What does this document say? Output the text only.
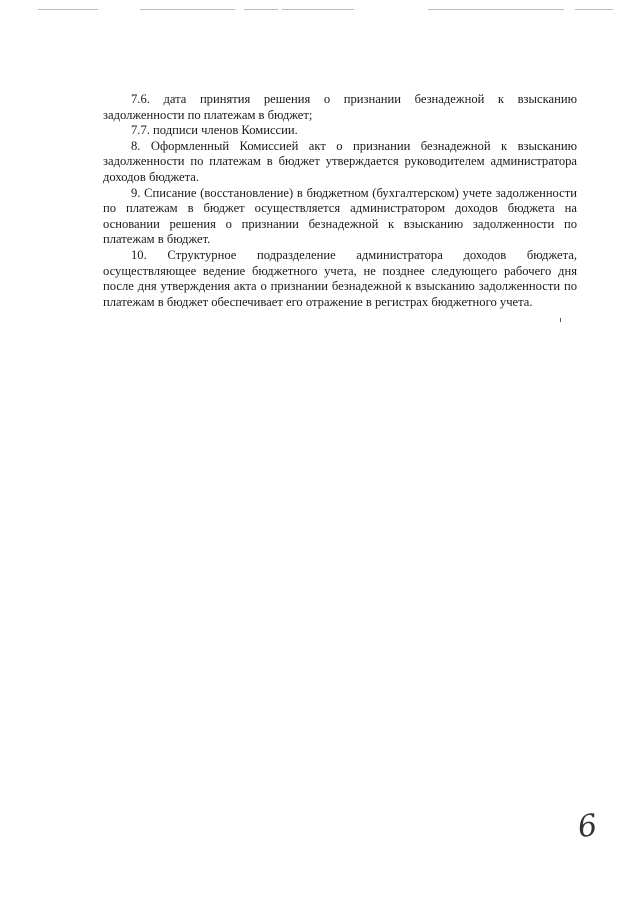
7.6. дата принятия решения о признании безнадежной к взысканию задолженности по платежам в бюджет;

7.7. подписи членов Комиссии.

8. Оформленный Комиссией акт о признании безнадежной к взысканию задолженности по платежам в бюджет утверждается руководителем администратора доходов бюджета.

9. Списание (восстановление) в бюджетном (бухгалтерском) учете задолженности по платежам в бюджет осуществляется администратором доходов бюджета на основании решения о признании безнадежной к взысканию задолженности по платежам в бюджет.

10. Структурное подразделение администратора доходов бюджета, осуществляющее ведение бюджетного учета, не позднее следующего рабочего дня после дня утверждения акта о признании безнадежной к взысканию задолженности по платежам в бюджет обеспечивает его отражение в регистрах бюджетного учета.

6
